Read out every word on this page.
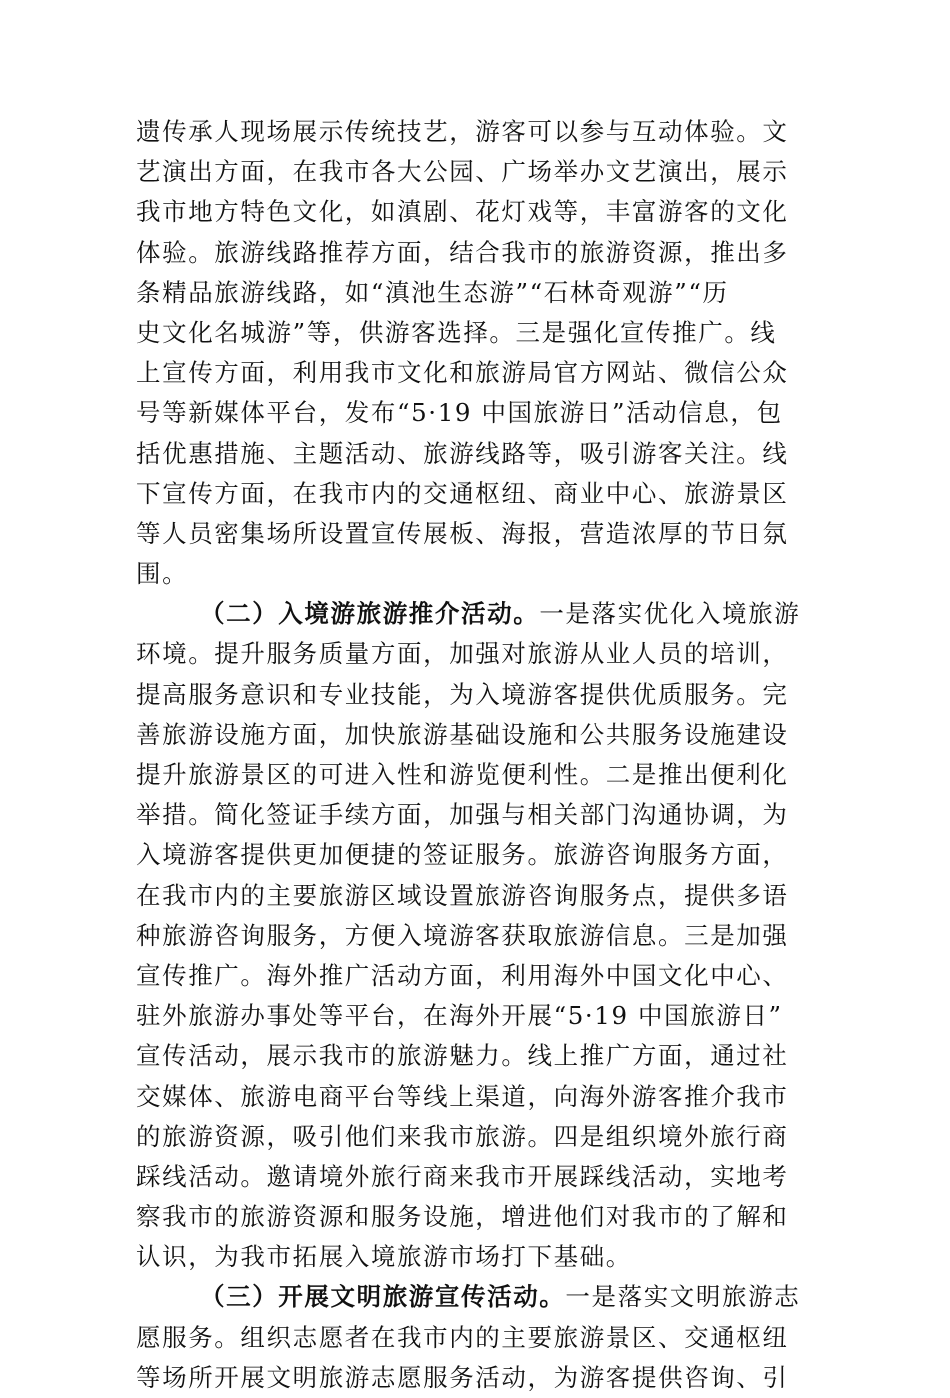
遗传承人现场展示传统技艺，游客可以参与互动体验。文
艺演出方面，在我市各大公园、广场举办文艺演出，展示
我市地方特色文化，如滇剧、花灯戏等，丰富游客的文化
体验。旅游线路推荐方面，结合我市的旅游资源，推出多
条精品旅游线路，如“滇池生态游”“石林奇观游”“历
史文化名城游”等，供游客选择。三是强化宣传推广。线
上宣传方面，利用我市文化和旅游局官方网站、微信公众
号等新媒体平台，发布“5·19 中国旅游日”活动信息，包
括优惠措施、主题活动、旅游线路等，吸引游客关注。线
下宣传方面，在我市内的交通枢纽、商业中心、旅游景区
等人员密集场所设置宣传展板、海报，营造浓厚的节日氛
围。
（二）入境游旅游推介活动。一是落实优化入境旅游
环境。提升服务质量方面，加强对旅游从业人员的培训，
提高服务意识和专业技能，为入境游客提供优质服务。完
善旅游设施方面，加快旅游基础设施和公共服务设施建设
提升旅游景区的可进入性和游览便利性。二是推出便利化
举措。简化签证手续方面，加强与相关部门沟通协调，为
入境游客提供更加便捷的签证服务。旅游咨询服务方面，
在我市内的主要旅游区域设置旅游咨询服务点，提供多语
种旅游咨询服务，方便入境游客获取旅游信息。三是加强
宣传推广。海外推广活动方面，利用海外中国文化中心、
驻外旅游办事处等平台，在海外开展“5·19 中国旅游日”
宣传活动，展示我市的旅游魅力。线上推广方面，通过社
交媒体、旅游电商平台等线上渠道，向海外游客推介我市
的旅游资源，吸引他们来我市旅游。四是组织境外旅行商
踩线活动。邀请境外旅行商来我市开展踩线活动，实地考
察我市的旅游资源和服务设施，增进他们对我市的了解和
认识，为我市拓展入境旅游市场打下基础。
（三）开展文明旅游宣传活动。一是落实文明旅游志
愿服务。组织志愿者在我市内的主要旅游景区、交通枢纽
等场所开展文明旅游志愿服务活动，为游客提供咨询、引
